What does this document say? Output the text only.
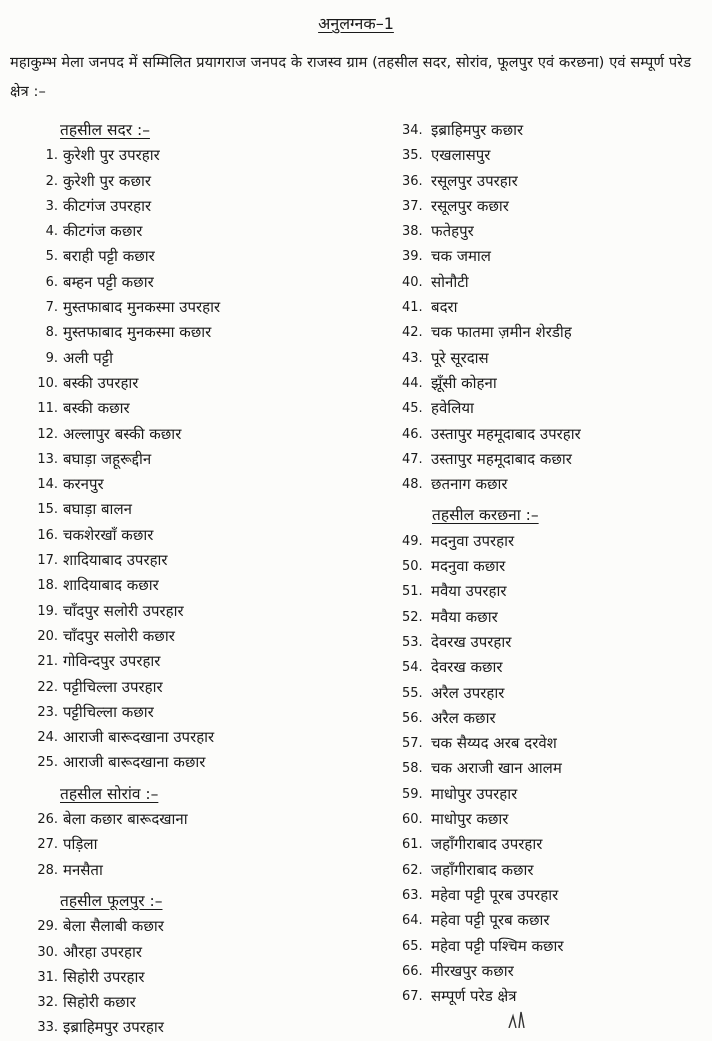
अनुलग्नक–1
महाकुम्भ मेला जनपद में सम्मिलित प्रयागराज जनपद के राजस्व ग्राम (तहसील सदर, सोरांव, फूलपुर एवं करछना) एवं सम्पूर्ण परेड क्षेत्र :–
तहसील सदर :–
1. कुरेशी पुर उपरहार
2. कुरेशी पुर कछार
3. कीटगंज उपरहार
4. कीटगंज कछार
5. बराही पट्टी कछार
6. बम्हन पट्टी कछार
7. मुस्तफाबाद मुनकस्मा उपरहार
8. मुस्तफाबाद मुनकस्मा कछार
9. अली पट्टी
10. बस्की उपरहार
11. बस्की कछार
12. अल्लापुर बस्की कछार
13. बघाड़ा जहूरूद्दीन
14. करनपुर
15. बघाड़ा बालन
16. चकशेरखाँ कछार
17. शादियाबाद उपरहार
18. शादियाबाद कछार
19. चाँदपुर सलोरी उपरहार
20. चाँदपुर सलोरी कछार
21. गोविन्दपुर उपरहार
22. पट्टीचिल्ला उपरहार
23. पट्टीचिल्ला कछार
24. आराजी बारूदखाना उपरहार
25. आराजी बारूदखाना कछार
तहसील सोरांव :–
26. बेला कछार बारूदखाना
27. पड़िला
28. मनसैता
तहसील फूलपुर :–
29. बेला सैलाबी कछार
30. औरहा उपरहार
31. सिहोरी उपरहार
32. सिहोरी कछार
33. इब्राहिमपुर उपरहार
34. इब्राहिमपुर कछार
35. एखलासपुर
36. रसूलपुर उपरहार
37. रसूलपुर कछार
38. फतेहपुर
39. चक जमाल
40. सोनौटी
41. बदरा
42. चक फातमा ज़मीन शेरडीह
43. पूरे सूरदास
44. झूँसी कोहना
45. हवेलिया
46. उस्तापुर महमूदाबाद उपरहार
47. उस्तापुर महमूदाबाद कछार
48. छतनाग कछार
तहसील करछना :–
49. मदनुवा उपरहार
50. मदनुवा कछार
51. मवैया उपरहार
52. मवैया कछार
53. देवरख उपरहार
54. देवरख कछार
55. अरैल उपरहार
56. अरैल कछार
57. चक सैय्यद अरब दरवेश
58. चक अराजी खान आलम
59. माधोपुर उपरहार
60. माधोपुर कछार
61. जहाँगीराबाद उपरहार
62. जहाँगीराबाद कछार
63. महेवा पट्टी पूरब उपरहार
64. महेवा पट्टी पूरब कछार
65. महेवा पट्टी पश्चिम कछार
66. मीरखपुर कछार
67. सम्पूर्ण परेड क्षेत्र
